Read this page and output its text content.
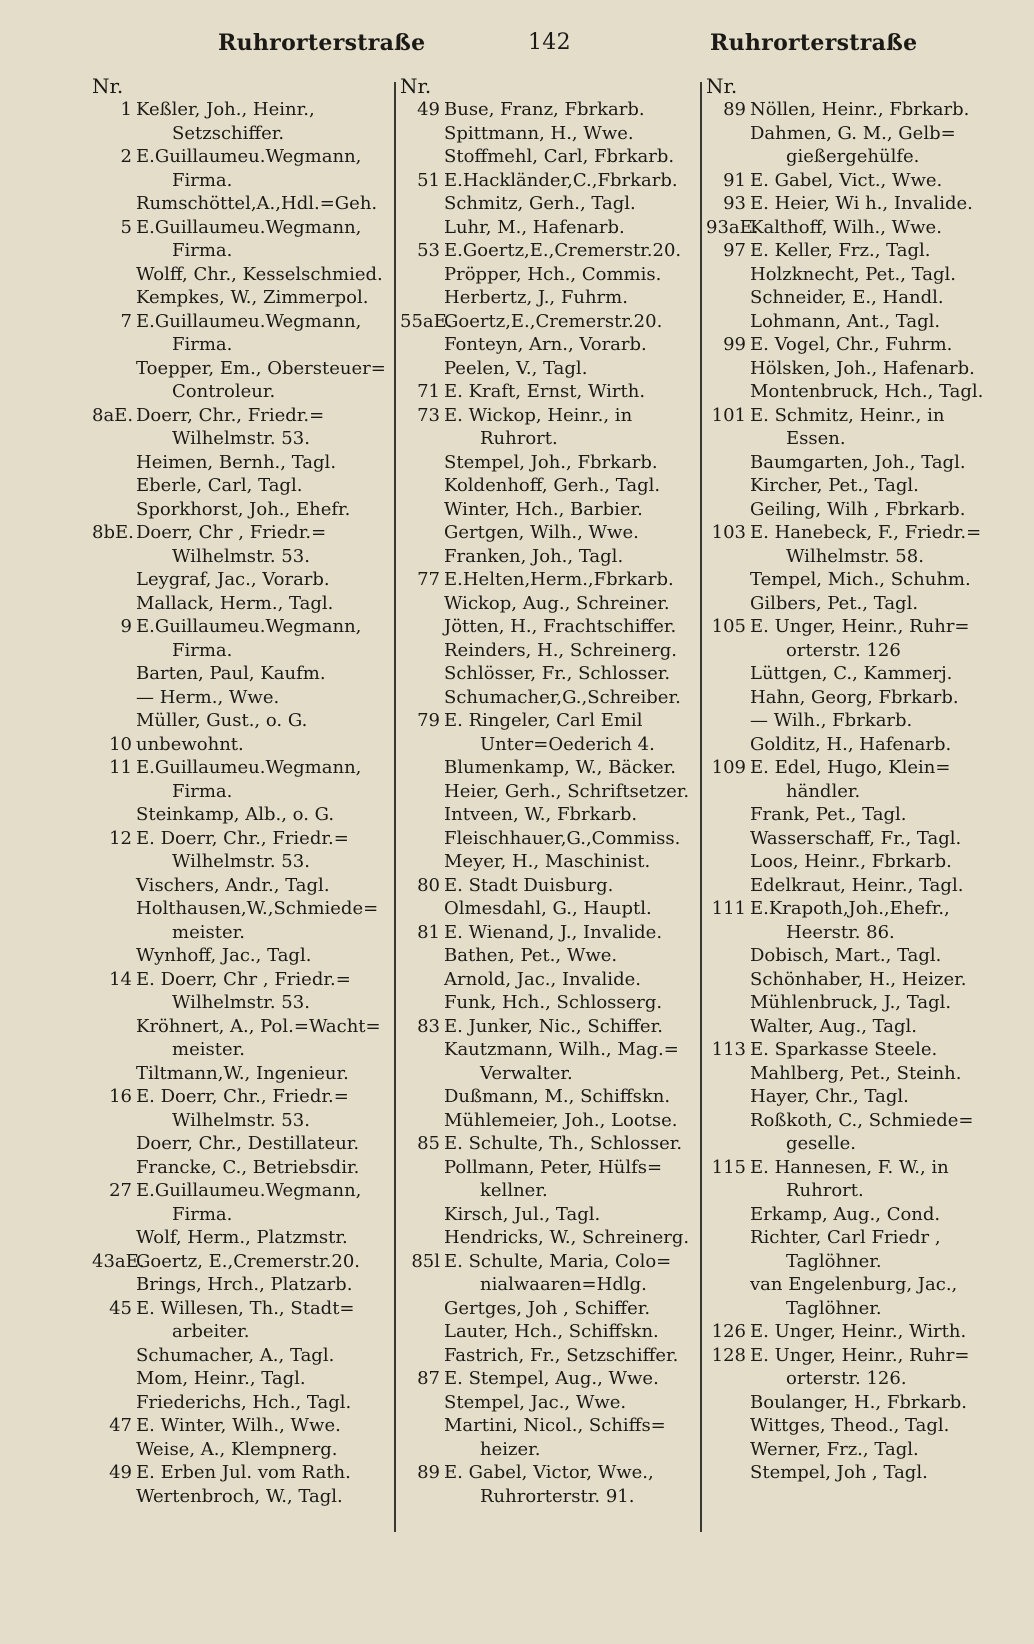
Ruhrorterstraße	142	Ruhrorterstraße
Nr.
1 Keßler, Joh., Heinr.,
Setzschiffer.
2 E.Guillaumeu.Wegmann,
Firma.
Rumschöttel,A.,Hdl.=Geh.
5 E.Guillaumeu.Wegmann,
Firma.
Wolff, Chr., Kesselschmied.
Kempkes, W., Zimmerpol.
7 E.Guillaumeu.Wegmann,
Firma.
Toepper, Em., Obersteuer=
Controleur.
8aE. Doerr, Chr., Friedr.=
Wilhelmstr. 53.
Heimen, Bernh., Tagl.
Eberle, Carl, Tagl.
Sporkhorst, Joh., Ehefr.
8bE. Doerr, Chr , Friedr.=
Wilhelmstr. 53.
Leygraf, Jac., Vorarb.
Mallack, Herm., Tagl.
9 E.Guillaumeu.Wegmann,
Firma.
Barten, Paul, Kaufm.
— Herm., Wwe.
Müller, Gust., o. G.
10 unbewohnt.
11 E.Guillaumeu.Wegmann,
Firma.
Steinkamp, Alb., o. G.
12 E. Doerr, Chr., Friedr.=
Wilhelmstr. 53.
Vischers, Andr., Tagl.
Holthausen,W.,Schmiede=
meister.
Wynhoff, Jac., Tagl.
14 E. Doerr, Chr , Friedr.=
Wilhelmstr. 53.
Kröhnert, A., Pol.=Wacht=
meister.
Tiltmann,W., Ingenieur.
16 E. Doerr, Chr., Friedr.=
Wilhelmstr. 53.
Doerr, Chr., Destillateur.
Francke, C., Betriebsdir.
27 E.Guillaumeu.Wegmann,
Firma.
Wolf, Herm., Platzmstr.
43aE.
Goertz, E.,Cremerstr.20.
Brings, Hrch., Platzarb.
45 E. Willesen, Th., Stadt=
arbeiter.
Schumacher, A., Tagl.
Mom, Heinr., Tagl.
Friederichs, Hch., Tagl.
47 E. Winter, Wilh., Wwe.
Weise, A., Klempnerg.
49 E. Erben Jul. vom Rath.
Wertenbroch, W., Tagl.
Nr.
49 Buse, Franz, Fbrkarb.
Spittmann, H., Wwe.
Stoffmehl, Carl, Fbrkarb.
51 E.Hackländer,C.,Fbrkarb.
Schmitz, Gerh., Tagl.
Luhr, M., Hafenarb.
53 E.Goertz,E.,Cremerstr.20.
Pröpper, Hch., Commis.
Herbertz, J., Fuhrm.
55aE.
Goertz,E.,Cremerstr.20.
Fonteyn, Arn., Vorarb.
Peelen, V., Tagl.
71 E. Kraft, Ernst, Wirth.
73 E. Wickop, Heinr., in
Ruhrort.
Stempel, Joh., Fbrkarb.
Koldenhoff, Gerh., Tagl.
Winter, Hch., Barbier.
Gertgen, Wilh., Wwe.
Franken, Joh., Tagl.
77 E.Helten,Herm.,Fbrkarb.
Wickop, Aug., Schreiner.
Jötten, H., Frachtschiffer.
Reinders, H., Schreinerg.
Schlösser, Fr., Schlosser.
Schumacher,G.,Schreiber.
79 E. Ringeler, Carl Emil
Unter=Oederich 4.
Blumenkamp, W., Bäcker.
Heier, Gerh., Schriftsetzer.
Intveen, W., Fbrkarb.
Fleischhauer,G.,Commiss.
Meyer, H., Maschinist.
80 E. Stadt Duisburg.
Olmesdahl, G., Hauptl.
81 E. Wienand, J., Invalide.
Bathen, Pet., Wwe.
Arnold, Jac., Invalide.
Funk, Hch., Schlosserg.
83 E. Junker, Nic., Schiffer.
Kautzmann, Wilh., Mag.=
Verwalter.
Dußmann, M., Schiffskn.
Mühlemeier, Joh., Lootse.
85 E. Schulte, Th., Schlosser.
Pollmann, Peter, Hülfs=
kellner.
Kirsch, Jul., Tagl.
Hendricks, W., Schreinerg.
85l E. Schulte, Maria, Colo=
nialwaaren=Hdlg.
Gertges, Joh , Schiffer.
Lauter, Hch., Schiffskn.
Fastrich, Fr., Setzschiffer.
87 E. Stempel, Aug., Wwe.
Stempel, Jac., Wwe.
Martini, Nicol., Schiffs=
heizer.
89 E. Gabel, Victor, Wwe.,
Ruhrorterstr. 91.
Nr.
89 Nöllen, Heinr., Fbrkarb.
Dahmen, G. M., Gelb=
gießergehülfe.
91 E. Gabel, Vict., Wwe.
93 E. Heier, Wi h., Invalide.
93aE.
Kalthoff, Wilh., Wwe.
97 E. Keller, Frz., Tagl.
Holzknecht, Pet., Tagl.
Schneider, E., Handl.
Lohmann, Ant., Tagl.
99 E. Vogel, Chr., Fuhrm.
Hölsken, Joh., Hafenarb.
Montenbruck, Hch., Tagl.
101 E. Schmitz, Heinr., in
Essen.
Baumgarten, Joh., Tagl.
Kircher, Pet., Tagl.
Geiling, Wilh , Fbrkarb.
103 E. Hanebeck, F., Friedr.=
Wilhelmstr. 58.
Tempel, Mich., Schuhm.
Gilbers, Pet., Tagl.
105 E. Unger, Heinr., Ruhr=
orterstr. 126
Lüttgen, C., Kammerj.
Hahn, Georg, Fbrkarb.
— Wilh., Fbrkarb.
Golditz, H., Hafenarb.
109 E. Edel, Hugo, Klein=
händler.
Frank, Pet., Tagl.
Wasserschaff, Fr., Tagl.
Loos, Heinr., Fbrkarb.
Edelkraut, Heinr., Tagl.
111 E.Krapoth,Joh.,Ehefr.,
Heerstr. 86.
Dobisch, Mart., Tagl.
Schönhaber, H., Heizer.
Mühlenbruck, J., Tagl.
Walter, Aug., Tagl.
113 E. Sparkasse Steele.
Mahlberg, Pet., Steinh.
Hayer, Chr., Tagl.
Roßkoth, C., Schmiede=
geselle.
115 E. Hannesen, F. W., in
Ruhrort.
Erkamp, Aug., Cond.
Richter, Carl Friedr ,
Taglöhner.
van Engelenburg, Jac.,
Taglöhner.
126 E. Unger, Heinr., Wirth.
128 E. Unger, Heinr., Ruhr=
orterstr. 126.
Boulanger, H., Fbrkarb.
Wittges, Theod., Tagl.
Werner, Frz., Tagl.
Stempel, Joh , Tagl.
